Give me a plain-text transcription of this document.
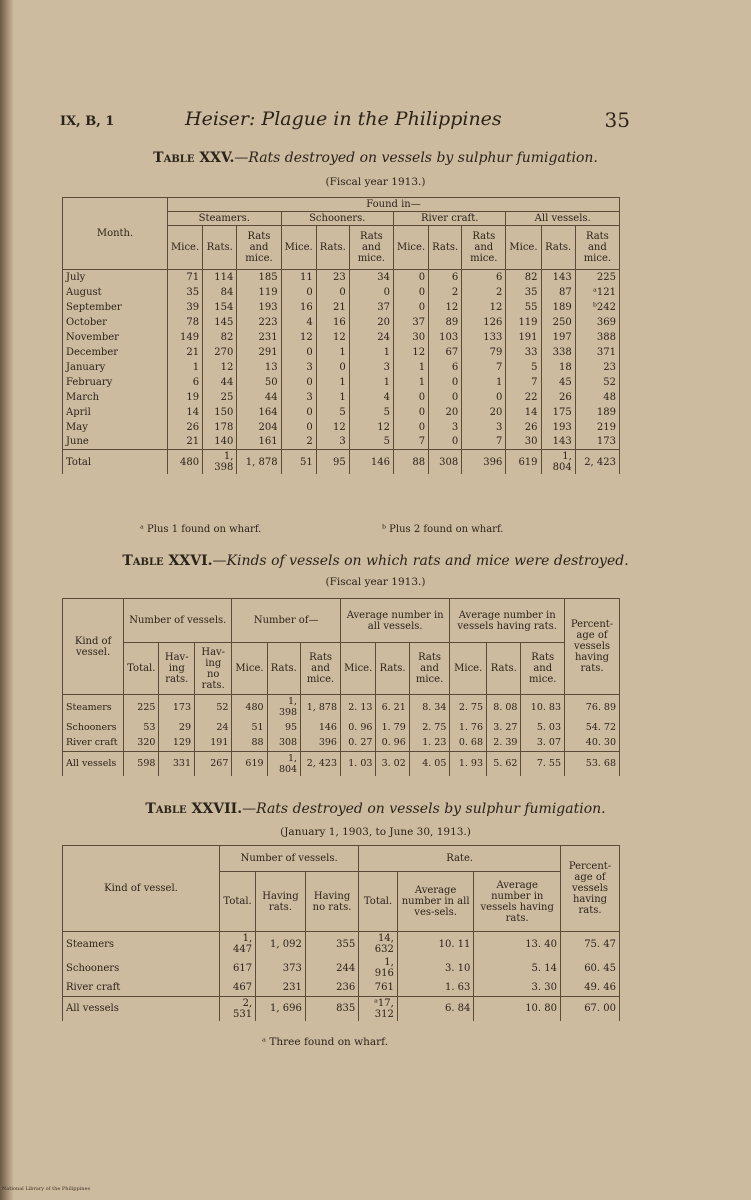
IX, B, 1	Heiser: Plague in the Philippines	35
Table XXV.—Rats destroyed on vessels by sulphur fumigation.
(Fiscal year 1913.)
Month.	Found in—											
	Steamers.			Schooners.			River craft.			All vessels.		
	Mice.	Rats.	Rats and mice.	Mice.	Rats.	Rats and mice.	Mice.	Rats.	Rats and mice.	Mice.	Rats.	Rats and mice.
July	71	114	185	11	23	34	0	6	6	82	143	225
August	35	84	119	0	0	0	0	2	2	35	87	ᵃ121
September	39	154	193	16	21	37	0	12	12	55	189	ᵇ242
October	78	145	223	4	16	20	37	89	126	119	250	369
November	149	82	231	12	12	24	30	103	133	191	197	388
December	21	270	291	0	1	1	12	67	79	33	338	371
January	1	12	13	3	0	3	1	6	7	5	18	23
February	6	44	50	0	1	1	1	0	1	7	45	52
March	19	25	44	3	1	4	0	0	0	22	26	48
April	14	150	164	0	5	5	0	20	20	14	175	189
May	26	178	204	0	12	12	0	3	3	26	193	219
June	21	140	161	2	3	5	7	0	7	30	143	173
Total	480	1, 398	1, 878	51	95	146	88	308	396	619	1, 804	2, 423
ᵃ Plus 1 found on wharf.	ᵇ Plus 2 found on wharf.
Table XXVI.—Kinds of vessels on which rats and mice were destroyed.
(Fiscal year 1913.)
Kind of vessel.	Number of vessels.			Number of—			Average number in all vessels.			Average number in vessels having rats.			Percent-age of vessels having rats.
	Total.	Hav-ing rats.	Hav-ing no rats.	Mice.	Rats.	Rats and mice.	Mice.	Rats.	Rats and mice.	Mice.	Rats.	Rats and mice.	
Steamers	225	173	52	480	1, 398	1, 878	2. 13	6. 21	8. 34	2. 75	8. 08	10. 83	76. 89
Schooners	53	29	24	51	95	146	0. 96	1. 79	2. 75	1. 76	3. 27	5. 03	54. 72
River craft	320	129	191	88	308	396	0. 27	0. 96	1. 23	0. 68	2. 39	3. 07	40. 30
All vessels	598	331	267	619	1, 804	2, 423	1. 03	3. 02	4. 05	1. 93	5. 62	7. 55	53. 68
Table XXVII.—Rats destroyed on vessels by sulphur fumigation.
(January 1, 1903, to June 30, 1913.)
Kind of vessel.	Number of vessels.			Rate.			Percent-age of vessels having rats.
	Total.	Having rats.	Having no rats.	Total.	Average number in all ves-sels.	Average number in vessels having rats.	
Steamers	1, 447	1, 092	355	14, 632	10. 11	13. 40	75. 47
Schooners	617	373	244	1, 916	3. 10	5. 14	60. 45
River craft	467	231	236	761	1. 63	3. 30	49. 46
All vessels	2, 531	1, 696	835	ᵃ17, 312	6. 84	10. 80	67. 00
ᵃ Three found on wharf.
National Library of the Philippines
